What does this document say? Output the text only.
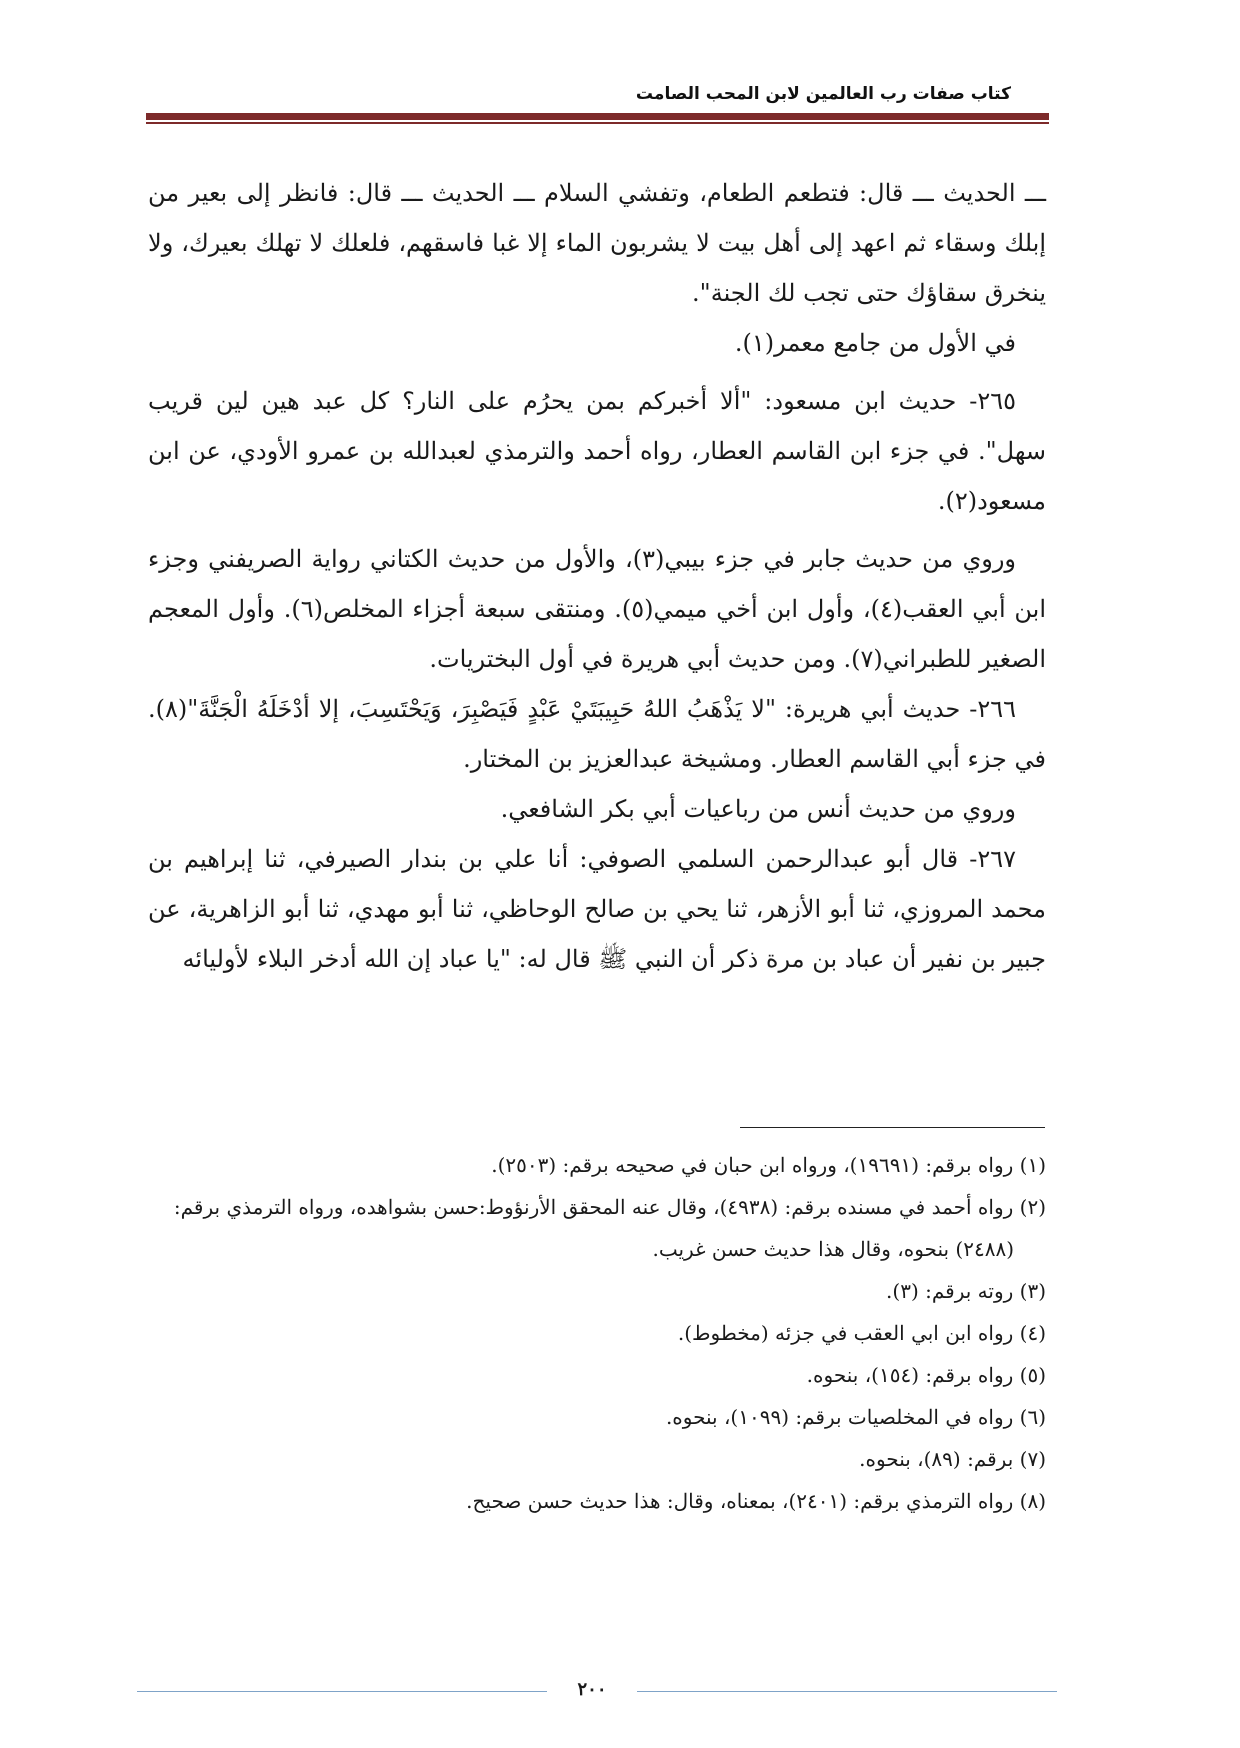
كتاب صفات رب العالمين لابن المحب الصامت

ـــ الحديث ـــ قال: فتطعم الطعام، وتفشي السلام ـــ الحديث ـــ قال: فانظر إلى بعير من إبلك وسقاء ثم اعهد إلى أهل بيت لا يشربون الماء إلا غبا فاسقهم، فلعلك لا تهلك بعيرك، ولا ينخرق سقاؤك حتى تجب لك الجنة".

في الأول من جامع معمر(١).

٢٦٥- حديث ابن مسعود: "ألا أخبركم بمن يحرُم على النار؟ كل عبد هين لين قريب سهل". في جزء ابن القاسم العطار، رواه أحمد والترمذي لعبدالله بن عمرو الأودي، عن ابن مسعود(٢).

وروي من حديث جابر في جزء بيبي(٣)، والأول من حديث الكتاني رواية الصريفني وجزء ابن أبي العقب(٤)، وأول ابن أخي ميمي(٥). ومنتقى سبعة أجزاء المخلص(٦). وأول المعجم الصغير للطبراني(٧). ومن حديث أبي هريرة في أول البختريات.

٢٦٦- حديث أبي هريرة: "لا يَذْهَبُ اللهُ حَبِيبَتَيْ عَبْدٍ فَيَصْبِرَ، وَيَحْتَسِبَ، إلا أدْخَلَهُ الْجَنَّةَ"(٨). في جزء أبي القاسم العطار. ومشيخة عبدالعزيز بن المختار.

وروي من حديث أنس من رباعيات أبي بكر الشافعي.

٢٦٧- قال أبو عبدالرحمن السلمي الصوفي: أنا علي بن بندار الصيرفي، ثنا إبراهيم بن محمد المروزي، ثنا أبو الأزهر، ثنا يحي بن صالح الوحاظي، ثنا أبو مهدي، ثنا أبو الزاهرية، عن جبير بن نفير أن عباد بن مرة ذكر أن النبي ﷺ قال له: "يا عباد إن الله أدخر البلاء لأوليائه

(١) رواه برقم: (١٩٦٩١)، ورواه ابن حبان في صحيحه برقم: (٢٥٠٣).

(٢) رواه أحمد في مسنده برقم: (٤٩٣٨)، وقال عنه المحقق الأرنؤوط:حسن بشواهده، ورواه الترمذي برقم:

(٢٤٨٨) بنحوه، وقال هذا حديث حسن غريب.

(٣) روته برقم: (٣).

(٤) رواه ابن ابي العقب في جزئه (مخطوط).

(٥) رواه برقم: (١٥٤)، بنحوه.

(٦) رواه في المخلصيات برقم: (١٠٩٩)، بنحوه.

(٧) برقم: (٨٩)، بنحوه.

(٨) رواه الترمذي برقم: (٢٤٠١)، بمعناه، وقال: هذا حديث حسن صحيح.

٢٠٠
